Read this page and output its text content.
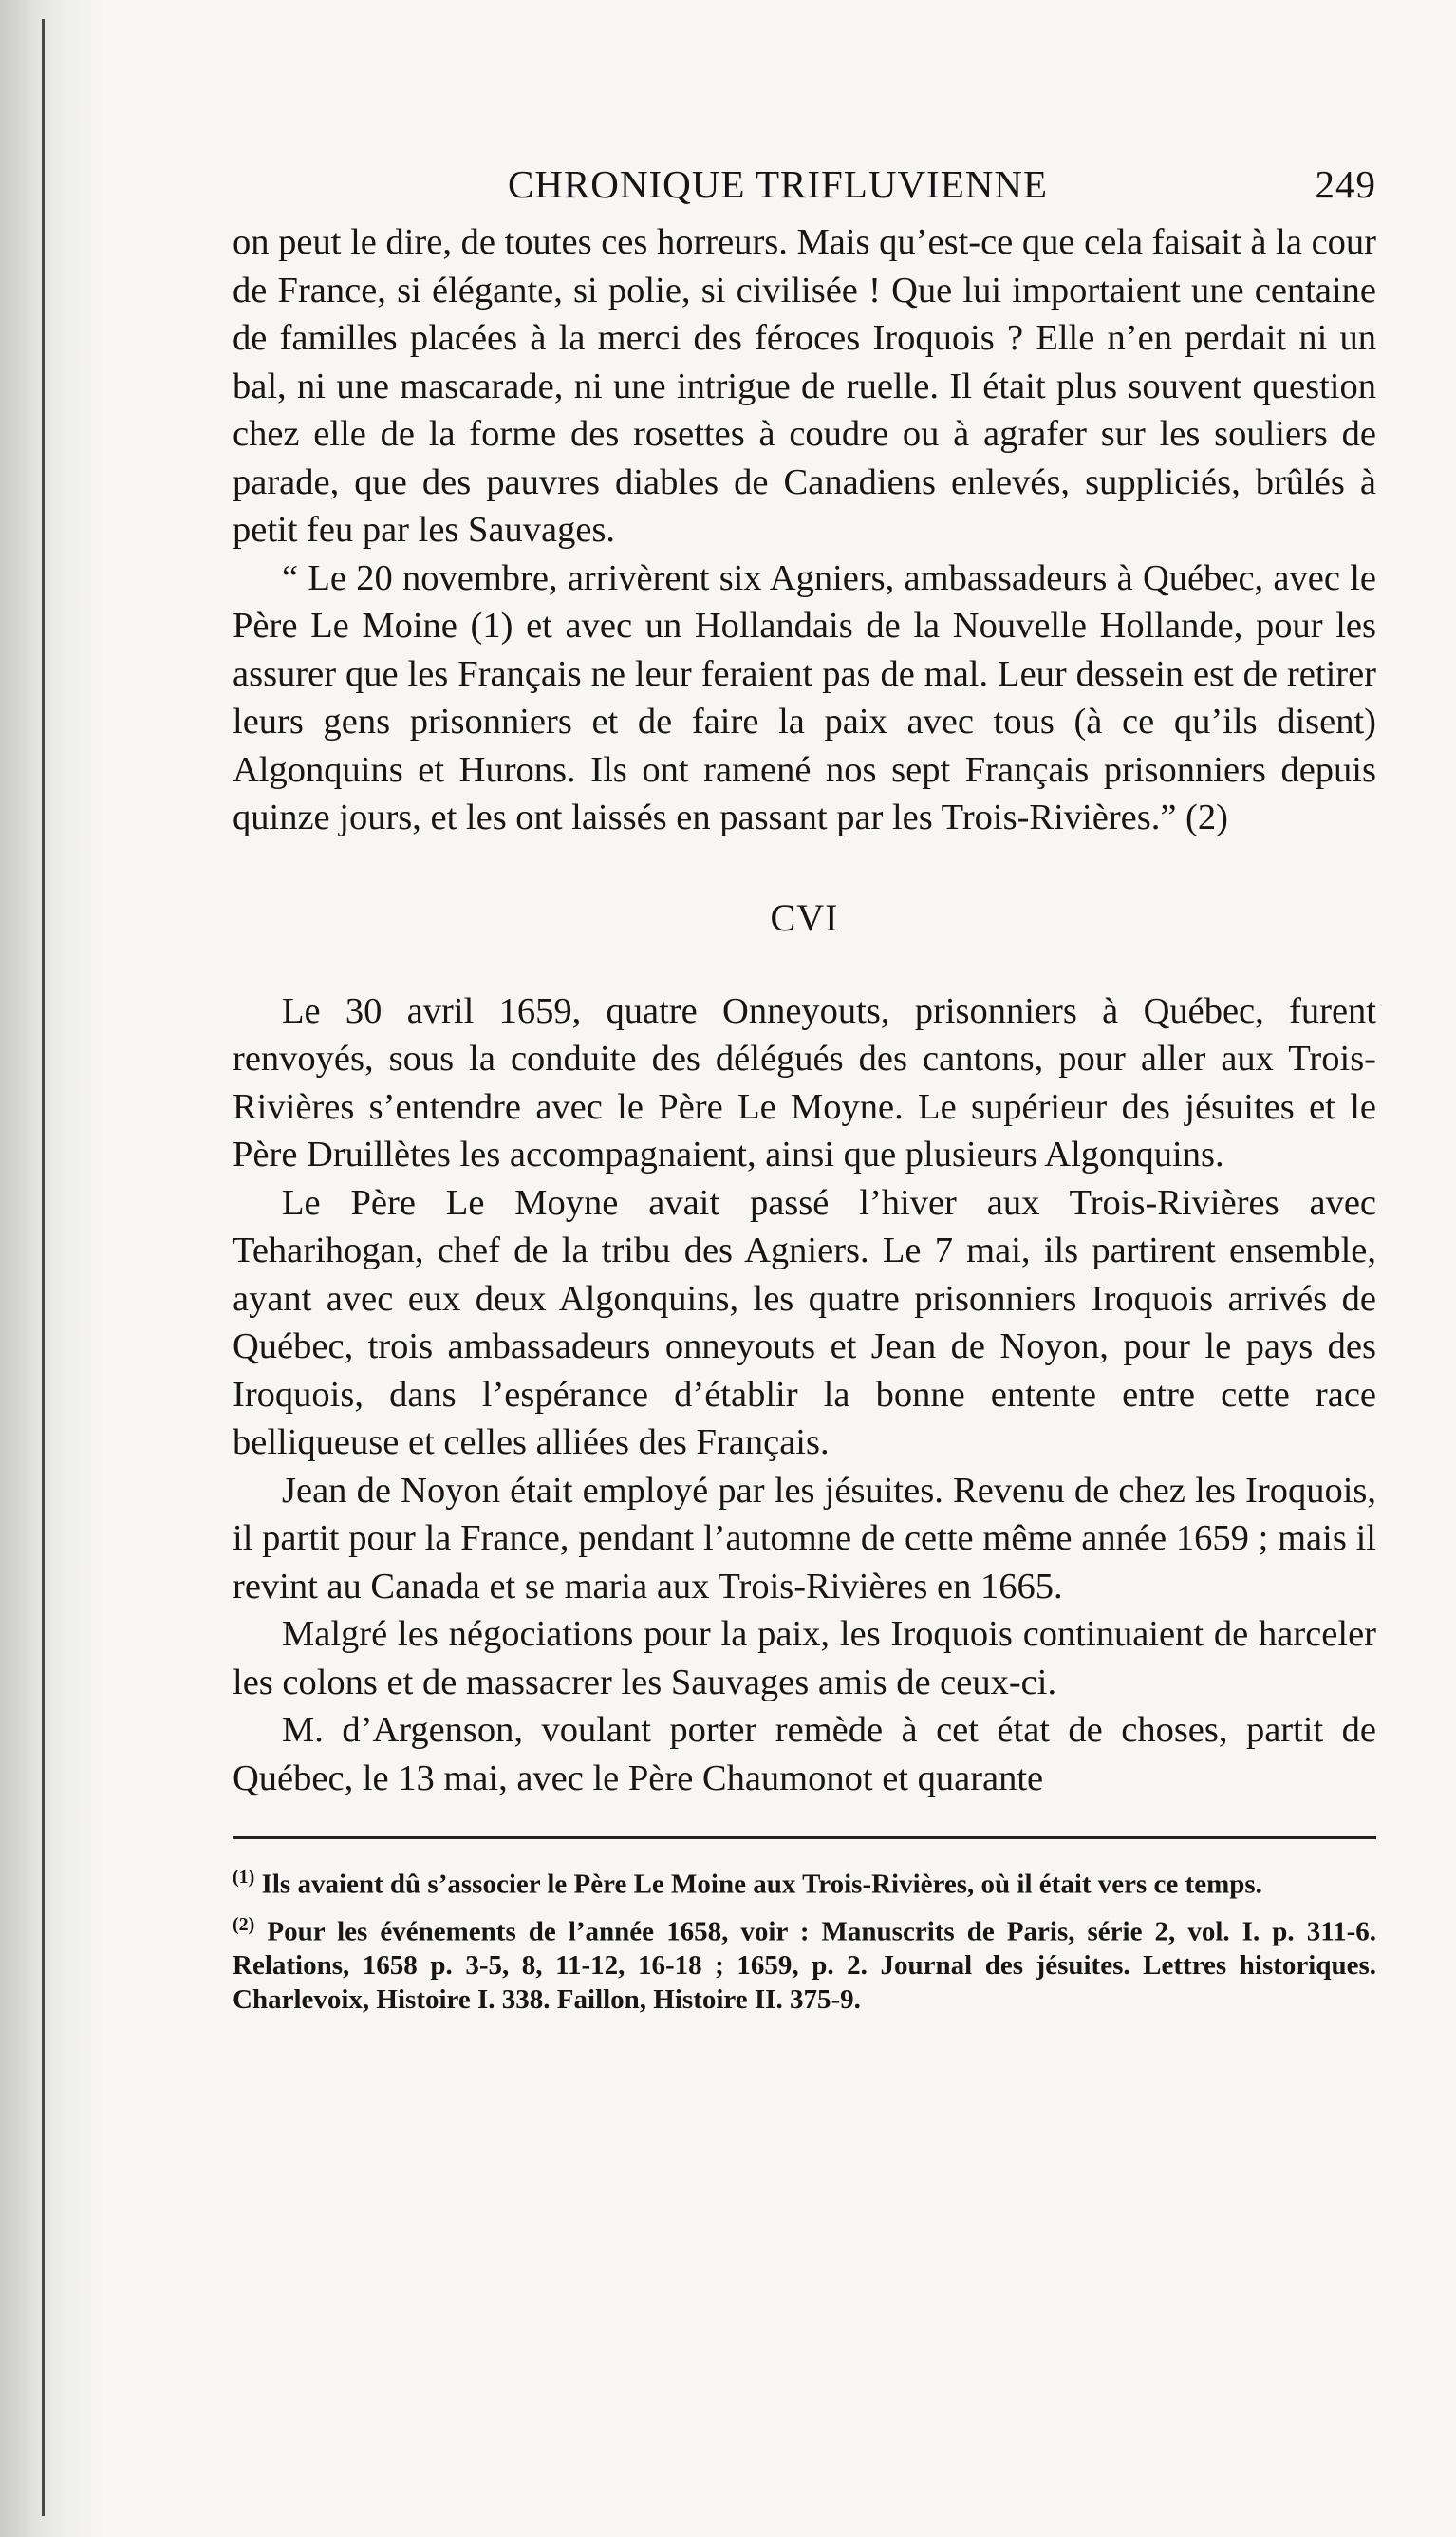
CHRONIQUE TRIFLUVIENNE	249

on peut le dire, de toutes ces horreurs. Mais qu’est-ce que cela faisait à la cour de France, si élégante, si polie, si civilisée ! Que lui importaient une centaine de familles placées à la merci des féroces Iroquois ? Elle n’en perdait ni un bal, ni une mascarade, ni une intrigue de ruelle. Il était plus souvent question chez elle de la forme des rosettes à coudre ou à agrafer sur les souliers de parade, que des pauvres diables de Canadiens enlevés, suppliciés, brûlés à petit feu par les Sauvages.

“ Le 20 novembre, arrivèrent six Agniers, ambassadeurs à Québec, avec le Père Le Moine (1) et avec un Hollandais de la Nouvelle Hollande, pour les assurer que les Français ne leur feraient pas de mal. Leur dessein est de retirer leurs gens prisonniers et de faire la paix avec tous (à ce qu’ils disent) Algonquins et Hurons. Ils ont ramené nos sept Français prisonniers depuis quinze jours, et les ont laissés en passant par les Trois-Rivières.” (2)

CVI

Le 30 avril 1659, quatre Onneyouts, prisonniers à Québec, furent renvoyés, sous la conduite des délégués des cantons, pour aller aux Trois-Rivières s’entendre avec le Père Le Moyne. Le supérieur des jésuites et le Père Druillètes les accompagnaient, ainsi que plusieurs Algonquins.

Le Père Le Moyne avait passé l’hiver aux Trois-Rivières avec Teharihogan, chef de la tribu des Agniers. Le 7 mai, ils partirent ensemble, ayant avec eux deux Algonquins, les quatre prisonniers Iroquois arrivés de Québec, trois ambassadeurs onneyouts et Jean de Noyon, pour le pays des Iroquois, dans l’espérance d’établir la bonne entente entre cette race belliqueuse et celles alliées des Français.

Jean de Noyon était employé par les jésuites. Revenu de chez les Iroquois, il partit pour la France, pendant l’automne de cette même année 1659 ; mais il revint au Canada et se maria aux Trois-Rivières en 1665.

Malgré les négociations pour la paix, les Iroquois continuaient de harceler les colons et de massacrer les Sauvages amis de ceux-ci.

M. d’Argenson, voulant porter remède à cet état de choses, partit de Québec, le 13 mai, avec le Père Chaumonot et quarante

$^{(1)}$ Ils avaient dû s’associer le Père Le Moine aux Trois-Rivières, où il était vers ce temps.

$^{(2)}$ Pour les événements de l’année 1658, voir : Manuscrits de Paris, série 2, vol. I. p. 311-6. Relations, 1658 p. 3-5, 8, 11-12, 16-18 ; 1659, p. 2. Journal des jésuites. Lettres historiques. Charlevoix, Histoire I. 338. Faillon, Histoire II. 375-9.
